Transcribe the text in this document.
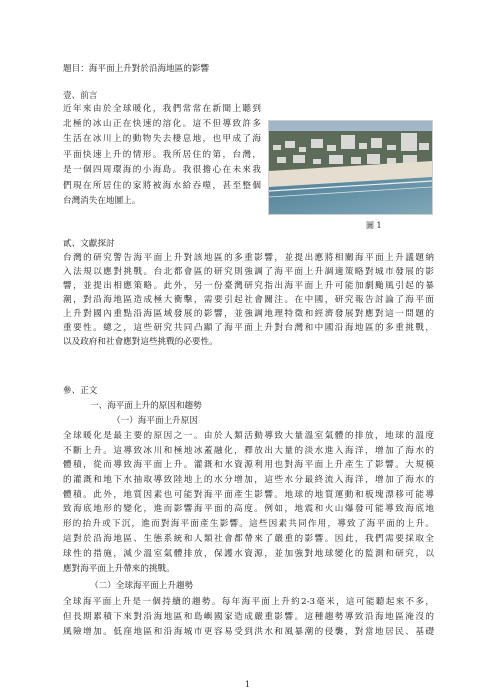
題目：海平面上升對於沿海地區的影響
壹、前言
近年來由於全球暖化，我們常常在新聞上聽到
北極的冰山正在快速的溶化。這不但導致許多
生活在冰川上的動物失去棲息地，也甲成了海
平面快速上升的情形。我所居住的第，台灣，
是一個四周環海的小海島。我很擔心在未來我
們現在所居住的家將被海水給吞噬，甚至整個
台灣消失在地圖上。
圖 1
貳、文獻探討
台灣的研究警告海平面上升對該地區的多重影響，並提出應將相關海平面上升議題納
入法規以應對挑戰。台北都會區的研究則強調了海平面上升調適策略對城市發展的影
響，並提出相應策略。此外，另一份臺灣研究指出海平面上升可能加劇颱風引起的暴
潮，對沿海地區造成極大衝擊，需要引起社會關注。在中國，研究報告討論了海平面
上升對國內重點沿海區域發展的影響，並強調地理特徵和經濟發展對應對這一問題的
重要性。總之，這些研究共同凸顯了海平面上升對台灣和中國沿海地區的多重挑戰，
以及政府和社會應對這些挑戰的必要性。
參、正文
一、海平面上升的原因和趨勢
（一）海平面上升原因
全球暖化是最主要的原因之一。由於人類活動導致大量溫室氣體的排放，地球的溫度
不斷上升。這導致冰川和極地冰蓋融化，釋放出大量的淡水進入海洋，增加了海水的
體積，從而導致海平面上升。灌溉和水資源利用也對海平面上升產生了影響。大規模
的灌溉和地下水抽取導致陸地上的水分增加，這些水分最終流入海洋，增加了海水的
體積。此外，地質因素也可能對海平面產生影響。地球的地質運動和板塊漂移可能導
致海底地形的變化，進而影響海平面的高度。例如，地震和火山爆發可能導致海底地
形的抬升或下沉，進而對海平面產生影響。這些因素共同作用，導致了海平面的上升。
這對於沿海地區、生態系統和人類社會都帶來了嚴重的影響。因此，我們需要採取全
球性的措施，減少溫室氣體排放，保護水資源，並加強對地球變化的監測和研究，以
應對海平面上升帶來的挑戰。
（二）全球海平面上升趨勢
全球海平面上升是一個持續的趨勢。每年海平面上升約2-3毫米，這可能聽起來不多，
但長期累積下來對沿海地區和島嶼國家造成嚴重影響。這種趨勢導致沿海地區淹沒的
風險增加。低窪地區和沿海城市更容易受到洪水和風暴潮的侵襲，對當地居民、基礎
1
